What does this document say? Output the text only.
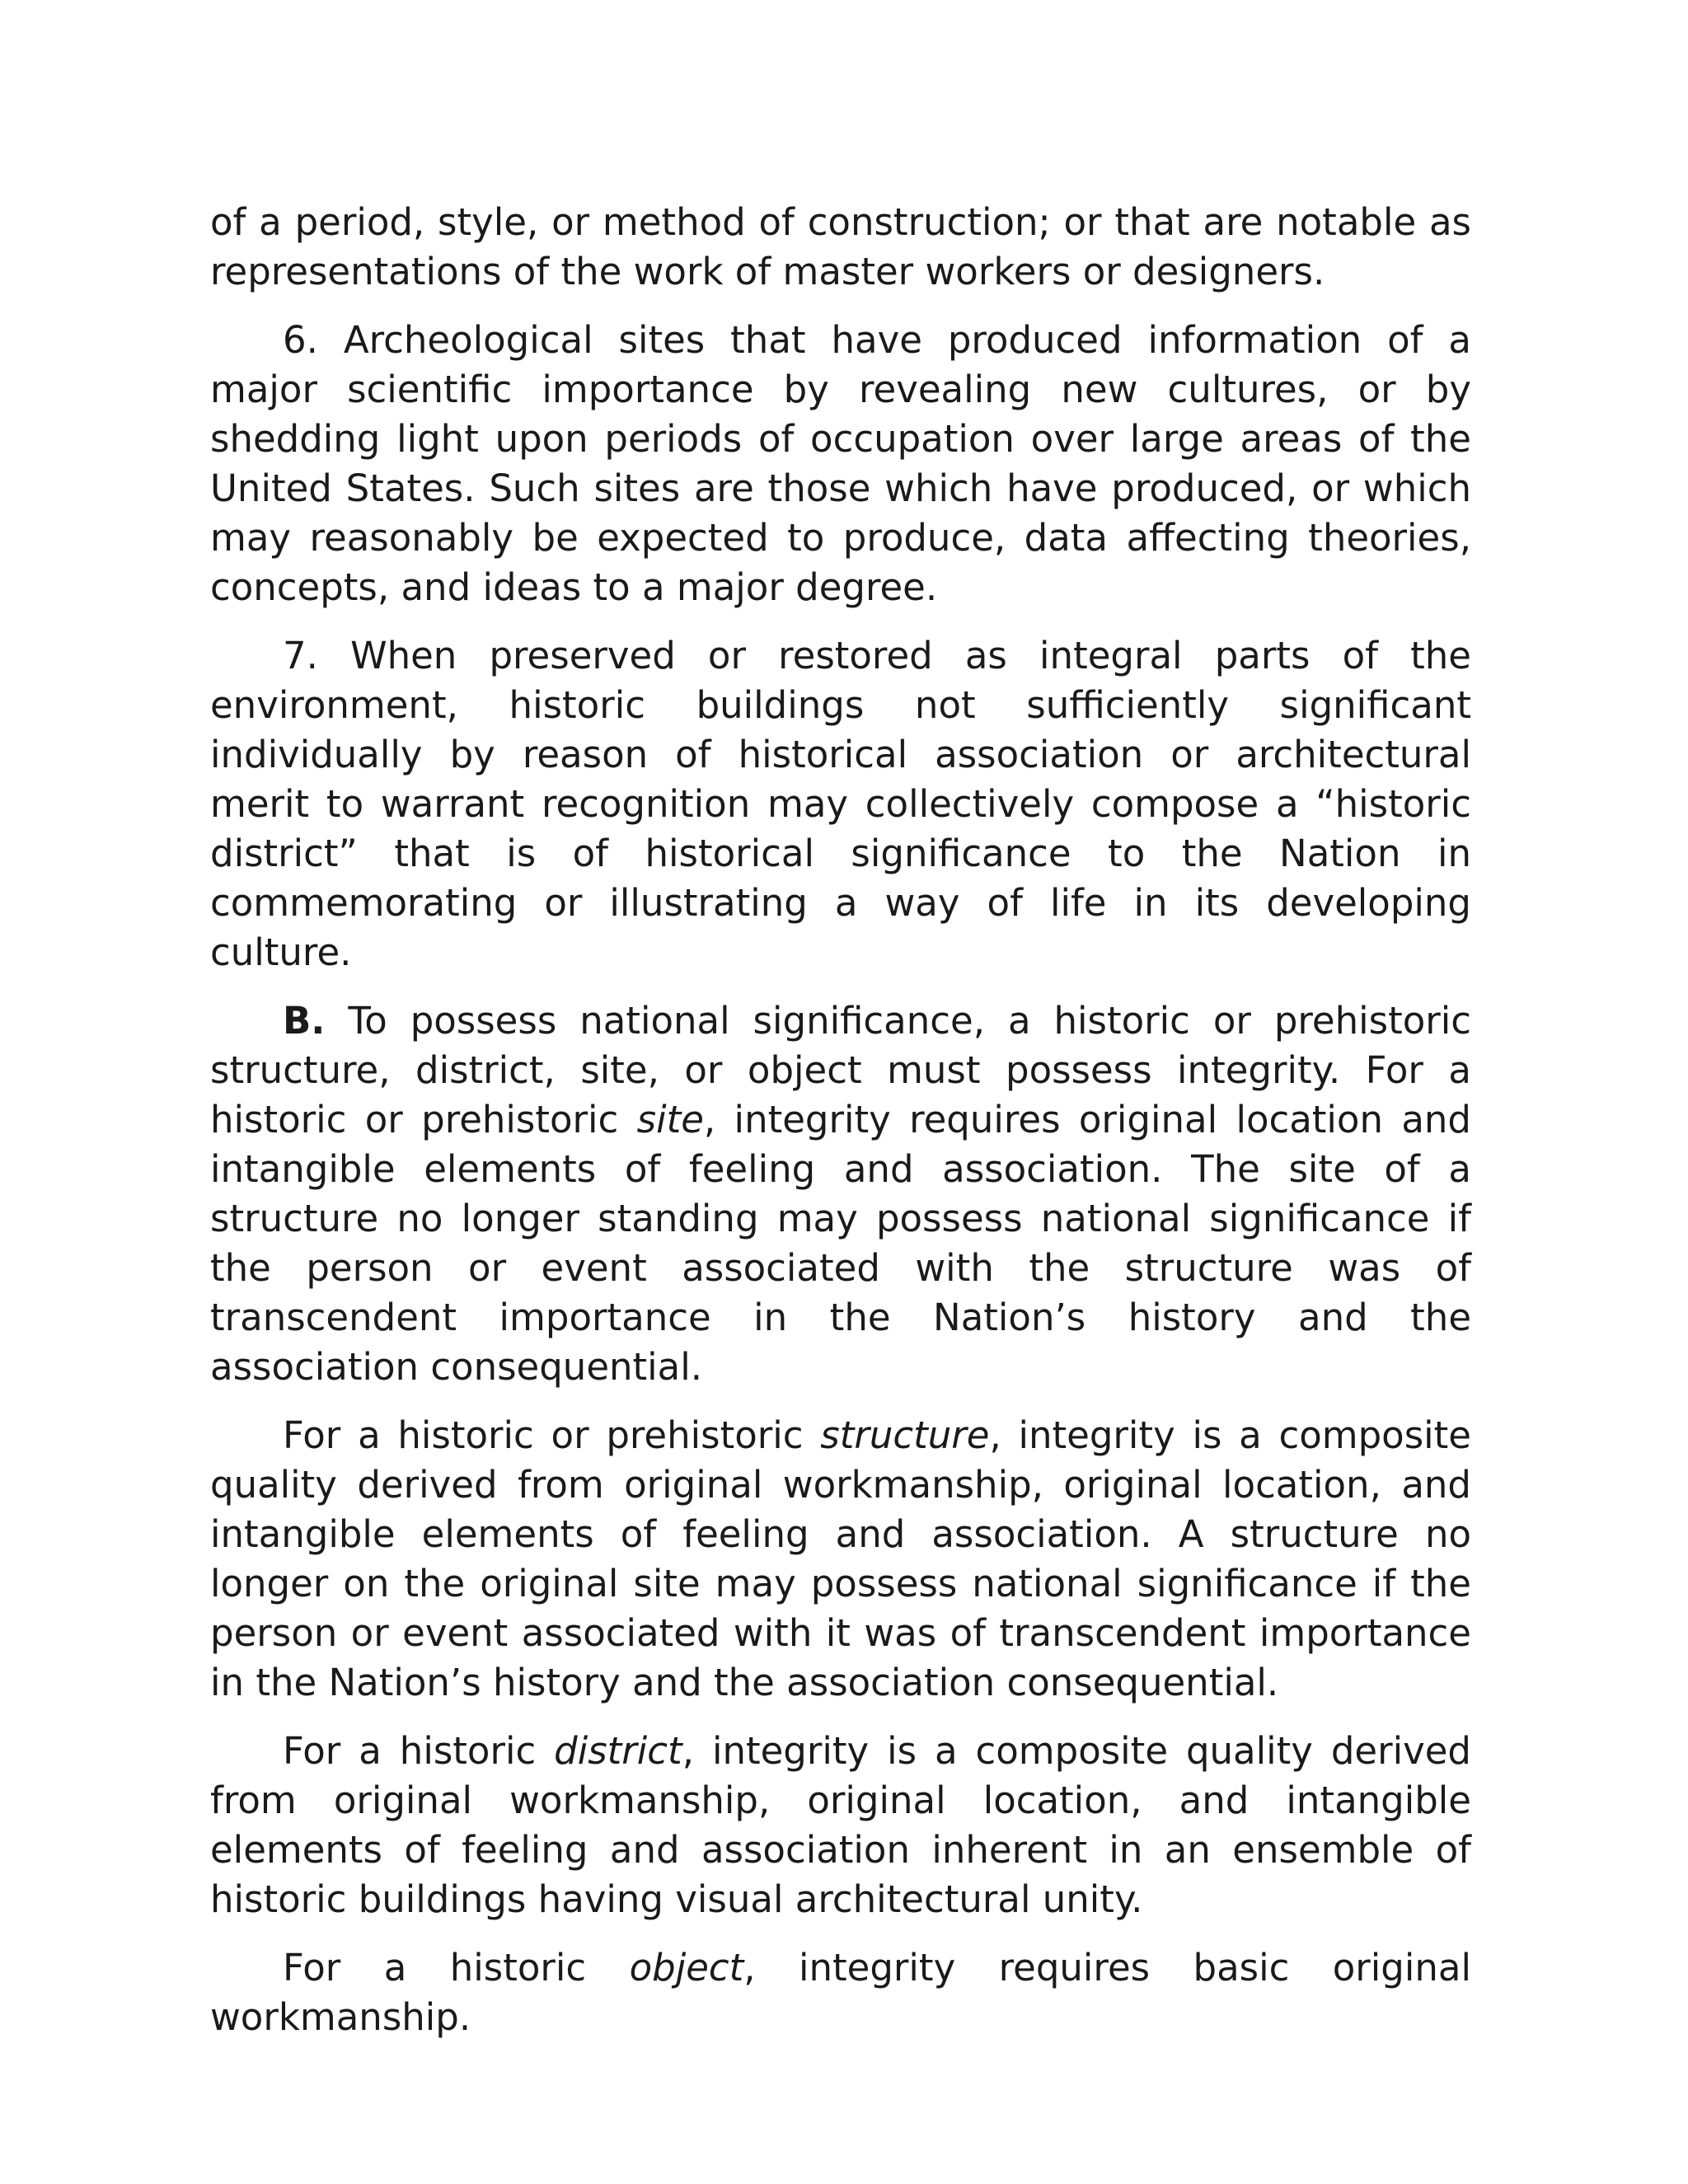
of a period, style, or method of construction; or that are notable as representations of the work of master workers or designers.

6. Archeological sites that have produced information of a major scientific importance by revealing new cultures, or by shedding light upon periods of occupation over large areas of the United States. Such sites are those which have produced, or which may reasonably be expected to produce, data affecting theories, concepts, and ideas to a major degree.

7. When preserved or restored as integral parts of the environment, historic buildings not sufficiently significant individually by reason of historical association or architectural merit to warrant recognition may collectively compose a “historic district” that is of historical significance to the Nation in commemorating or illustrating a way of life in its developing culture.

B. To possess national significance, a historic or prehistoric structure, district, site, or object must possess integrity. For a historic or prehistoric site, integrity requires original location and intangible elements of feeling and association. The site of a structure no longer standing may possess national significance if the person or event associated with the structure was of transcendent importance in the Nation’s history and the association consequential.

For a historic or prehistoric structure, integrity is a composite quality derived from original workmanship, original location, and intangible elements of feeling and association. A structure no longer on the original site may possess national significance if the person or event associated with it was of transcendent importance in the Nation’s history and the association consequential.

For a historic district, integrity is a composite quality derived from original workmanship, original location, and intangible elements of feeling and association inherent in an ensemble of historic buildings having visual architectural unity.

For a historic object, integrity requires basic original workmanship.
